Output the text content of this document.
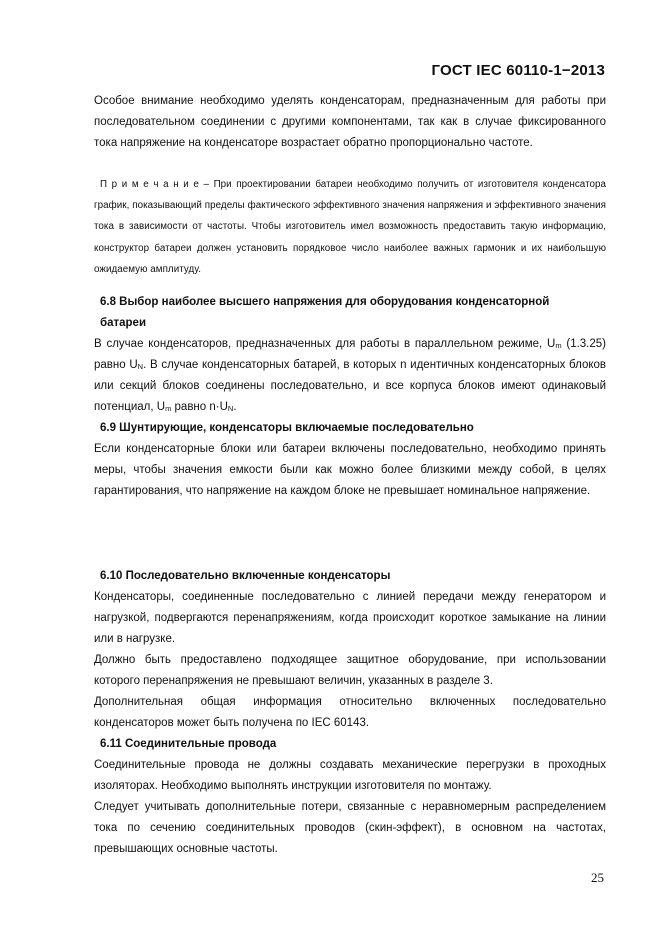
ГОСТ IEC 60110-1−2013

Особое внимание необходимо уделять конденсаторам, предназначенным для работы при последовательном соединении с другими компонентами, так как в случае фиксированного тока напряжение на конденсаторе возрастает обратно пропорционально частоте.

П р и м е ч а н и е – При проектировании батареи необходимо получить от изготовителя конденсатора график, показывающий пределы фактического эффективного значения напряжения и эффективного значения тока в зависимости от частоты. Чтобы изготовитель имел возможность предоставить такую информацию, конструктор батареи должен установить порядковое число наиболее важных гармоник и их наибольшую ожидаемую амплитуду.

6.8 Выбор наиболее высшего напряжения для оборудования конденсаторной
батареи

В случае конденсаторов, предназначенных для работы в параллельном режиме, $U_m$ (1.3.25) равно $U_N$. В случае конденсаторных батарей, в которых n идентичных конденсаторных блоков или секций блоков соединены последовательно, и все корпуса блоков имеют одинаковый потенциал, $U_m$ равно $n\cdot U_N$.

6.9 Шунтирующие, конденсаторы включаемые последовательно

Если конденсаторные блоки или батареи включены последовательно, необходимо принять меры, чтобы значения емкости были как можно более близкими между собой, в целях гарантирования, что напряжение на каждом блоке не превышает номинальное напряжение.

6.10 Последовательно включенные конденсаторы

Конденсаторы, соединенные последовательно с линией передачи между генератором и нагрузкой, подвергаются перенапряжениям, когда происходит короткое замыкание на линии или в нагрузке.

Должно быть предоставлено подходящее защитное оборудование, при использовании которого перенапряжения не превышают величин, указанных в разделе 3.

Дополнительная общая информация относительно включенных последовательно конденсаторов может быть получена по IEC 60143.

6.11 Соединительные провода

Соединительные провода не должны создавать механические перегрузки в проходных изоляторах. Необходимо выполнять инструкции изготовителя по монтажу.

Следует учитывать дополнительные потери, связанные с неравномерным распределением тока по сечению соединительных проводов (скин-эффект), в основном на частотах, превышающих основные частоты.

25
